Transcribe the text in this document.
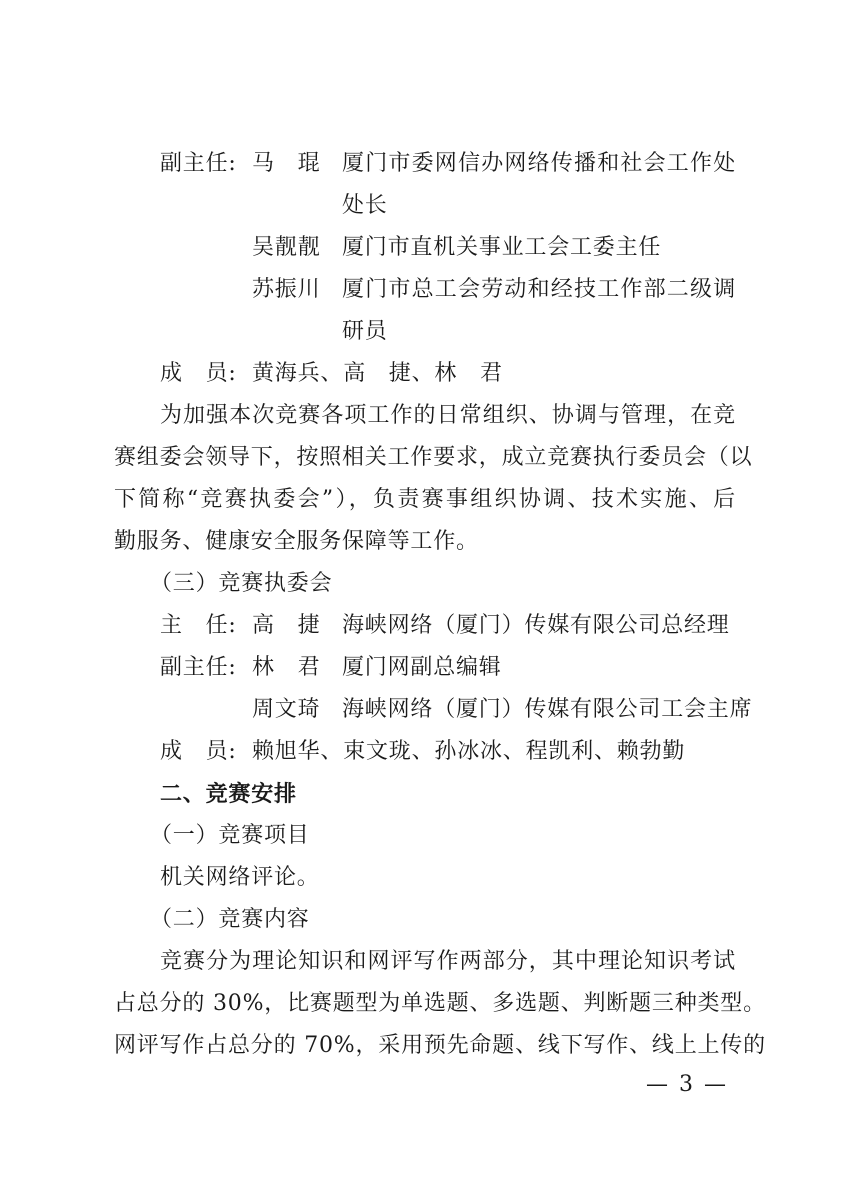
副主任: 马　琨 厦门市委网信办网络传播和社会工作处
处长
吴靓靓 厦门市直机关事业工会工委主任
苏振川 厦门市总工会劳动和经技工作部二级调
研员
成　员: 黄海兵、高　捷、林　君
为加强本次竞赛各项工作的日常组织、协调与管理，在竞
赛组委会领导下，按照相关工作要求，成立竞赛执行委员会（以
下简称“竞赛执委会”），负责赛事组织协调、技术实施、后
勤服务、健康安全服务保障等工作。
（三）竞赛执委会
主　任: 高　捷 海峡网络（厦门）传媒有限公司总经理
副主任: 林　君 厦门网副总编辑
周文琦 海峡网络（厦门）传媒有限公司工会主席
成　员: 赖旭华、束文珑、孙冰冰、程凯利、赖勃勤
二、竞赛安排
（一）竞赛项目
机关网络评论。
（二）竞赛内容
竞赛分为理论知识和网评写作两部分，其中理论知识考试
占总分的 30%，比赛题型为单选题、多选题、判断题三种类型。
网评写作占总分的 70%，采用预先命题、线下写作、线上上传的
— 3 —
